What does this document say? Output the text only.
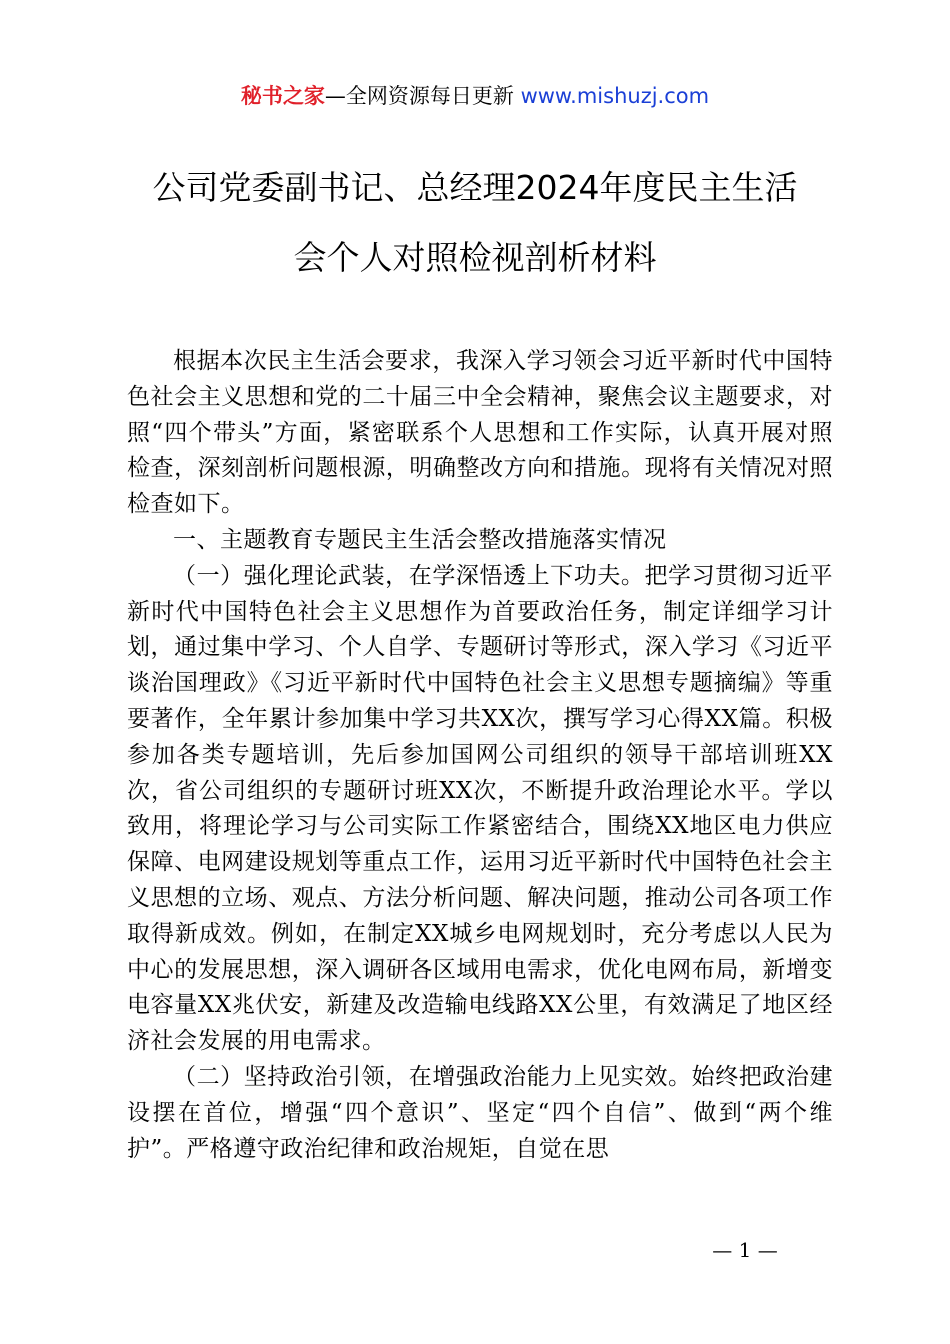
秘书之家—全网资源每日更新 www.mishuzj.com
公司党委副书记、总经理2024年度民主生活
会个人对照检视剖析材料

根据本次民主生活会要求，我深入学习领会习近平新时代中国特色社会主义思想和党的二十届三中全会精神，聚焦会议主题要求，对照“四个带头”方面，紧密联系个人思想和工作实际，认真开展对照检查，深刻剖析问题根源，明确整改方向和措施。现将有关情况对照检查如下。

一、主题教育专题民主生活会整改措施落实情况

（一）强化理论武装，在学深悟透上下功夫。把学习贯彻习近平新时代中国特色社会主义思想作为首要政治任务，制定详细学习计划，通过集中学习、个人自学、专题研讨等形式，深入学习《习近平谈治国理政》《习近平新时代中国特色社会主义思想专题摘编》等重要著作，全年累计参加集中学习共XX次，撰写学习心得XX篇。积极参加各类专题培训，先后参加国网公司组织的领导干部培训班XX次，省公司组织的专题研讨班XX次，不断提升政治理论水平。学以致用，将理论学习与公司实际工作紧密结合，围绕XX地区电力供应保障、电网建设规划等重点工作，运用习近平新时代中国特色社会主义思想的立场、观点、方法分析问题、解决问题，推动公司各项工作取得新成效。例如，在制定XX城乡电网规划时，充分考虑以人民为中心的发展思想，深入调研各区域用电需求，优化电网布局，新增变电容量XX兆伏安，新建及改造输电线路XX公里，有效满足了地区经济社会发展的用电需求。

（二）坚持政治引领，在增强政治能力上见实效。始终把政治建设摆在首位，增强“四个意识”、坚定“四个自信”、做到“两个维护”。严格遵守政治纪律和政治规矩，自觉在思

— 1 —
